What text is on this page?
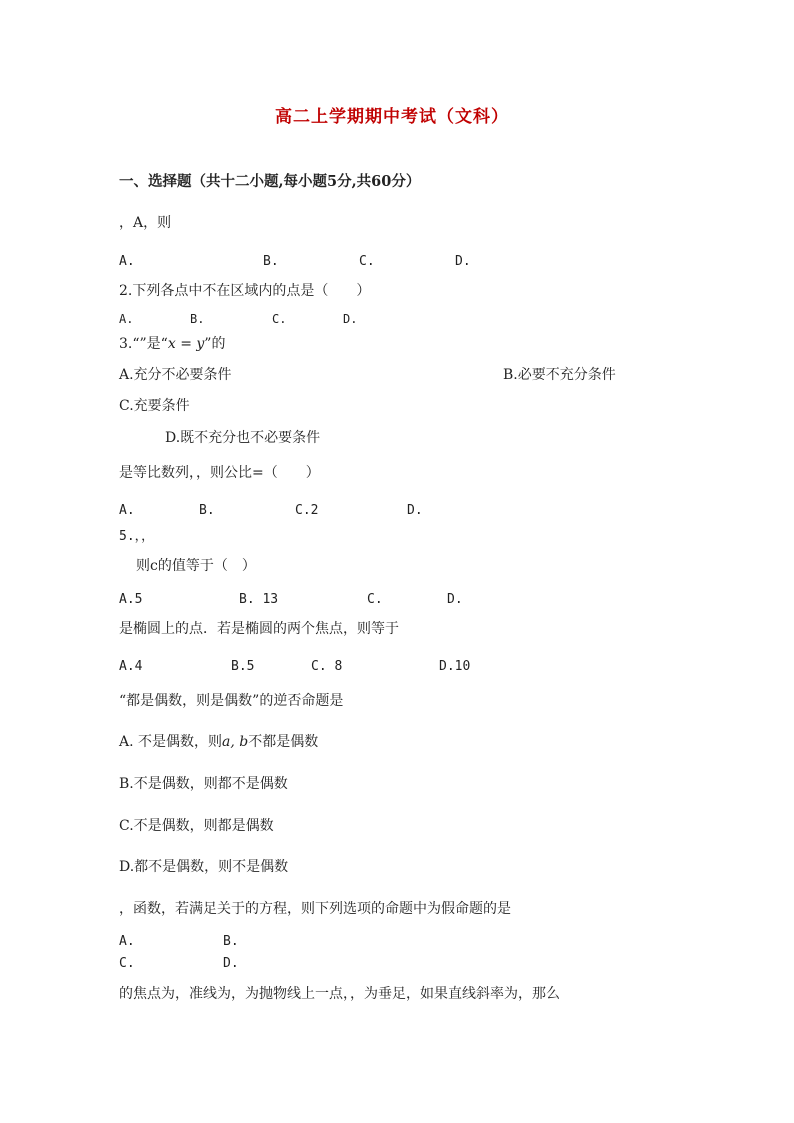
高二上学期期中考试（文科）
一、选择题（共十二小题,每小题5分,共60分）
，A，则
A.	B.	C.	D.
2.下列各点中不在区域内的点是（　　）
A.	B.	C.	D.
3.“”是“x = y”的
A.充分不必要条件	B.必要不充分条件
C.充要条件
D.既不充分也不必要条件
是等比数列，，则公比=（　　）
A.	B.	C.2	D.
5.，，
则c的值等于（　）
A.5	B. 13	C.	D.
是椭圆上的点．若是椭圆的两个焦点，则等于
A.4	B.5	C. 8	D.10
“都是偶数，则是偶数”的逆否命题是
A. 不是偶数，则a, b不都是偶数
B.不是偶数，则都不是偶数
C.不是偶数，则都是偶数
D.都不是偶数，则不是偶数
，函数，若满足关于的方程，则下列选项的命题中为假命题的是
A.	B.
C.	D.
的焦点为，准线为，为抛物线上一点，，为垂足，如果直线斜率为，那么
